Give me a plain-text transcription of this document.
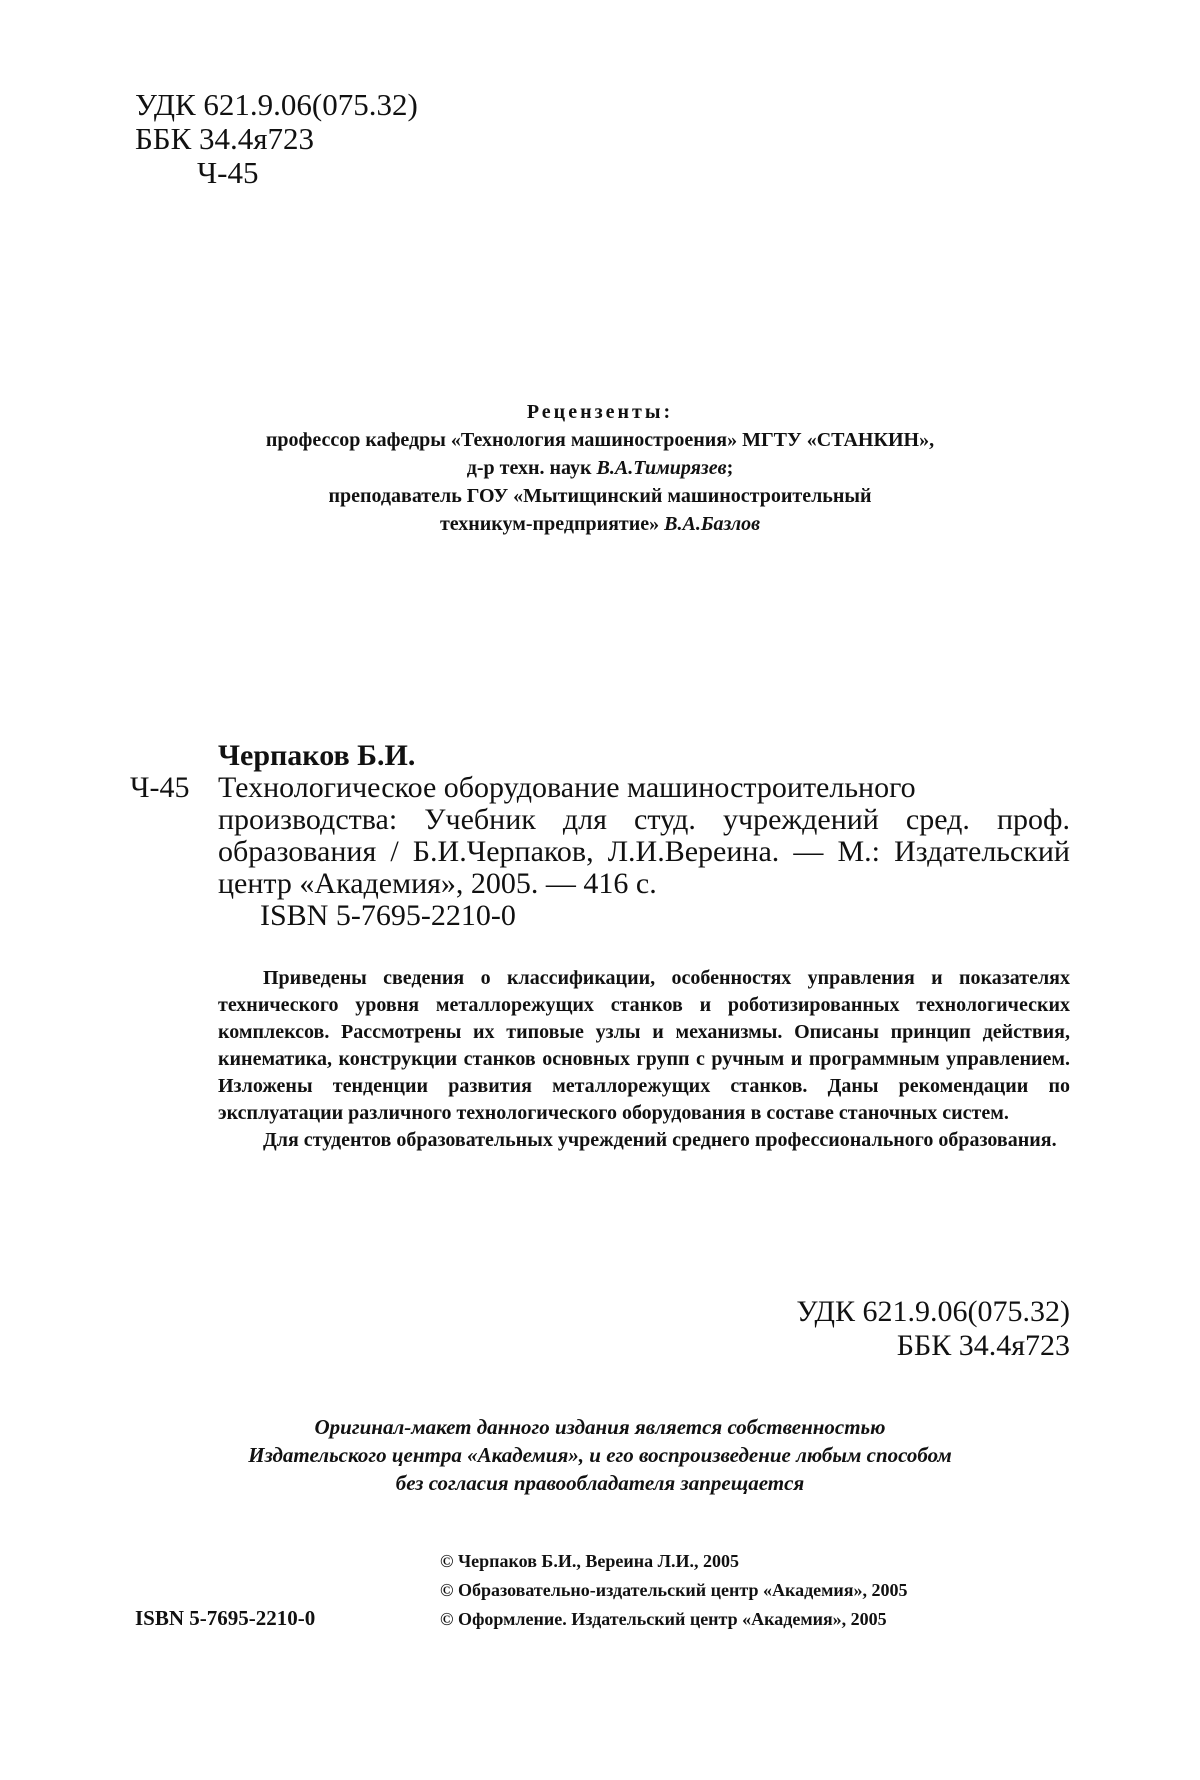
УДК 621.9.06(075.32)
ББК 34.4я723
Ч-45
Рецензенты:
профессор кафедры «Технология машиностроения» МГТУ «СТАНКИН»,
д-р техн. наук В.А.Тимирязев;
преподаватель ГОУ «Мытищинский машиностроительный
техникум-предприятие» В.А.Базлов
Черпаков Б.И.
Ч-45 Технологическое оборудование машиностроительного
производства: Учебник для студ. учреждений сред. проф. образования / Б.И.Черпаков, Л.И.Вереина. — М.: Издательский центр «Академия», 2005. — 416 с.
ISBN 5-7695-2210-0

Приведены сведения о классификации, особенностях управления и показателях технического уровня металлорежущих станков и роботизированных технологических комплексов. Рассмотрены их типовые узлы и механизмы. Описаны принцип действия, кинематика, конструкции станков основных групп с ручным и программным управлением. Изложены тенденции развития металлорежущих станков. Даны рекомендации по эксплуатации различного технологического оборудования в составе станочных систем.

Для студентов образовательных учреждений среднего профессионального образования.

УДК 621.9.06(075.32)
ББК 34.4я723
Оригинал-макет данного издания является собственностью
Издательского центра «Академия», и его воспроизведение любым способом
без согласия правообладателя запрещается
ISBN 5-7695-2210-0
© Черпаков Б.И., Вереина Л.И., 2005
© Образовательно-издательский центр «Академия», 2005
© Оформление. Издательский центр «Академия», 2005
